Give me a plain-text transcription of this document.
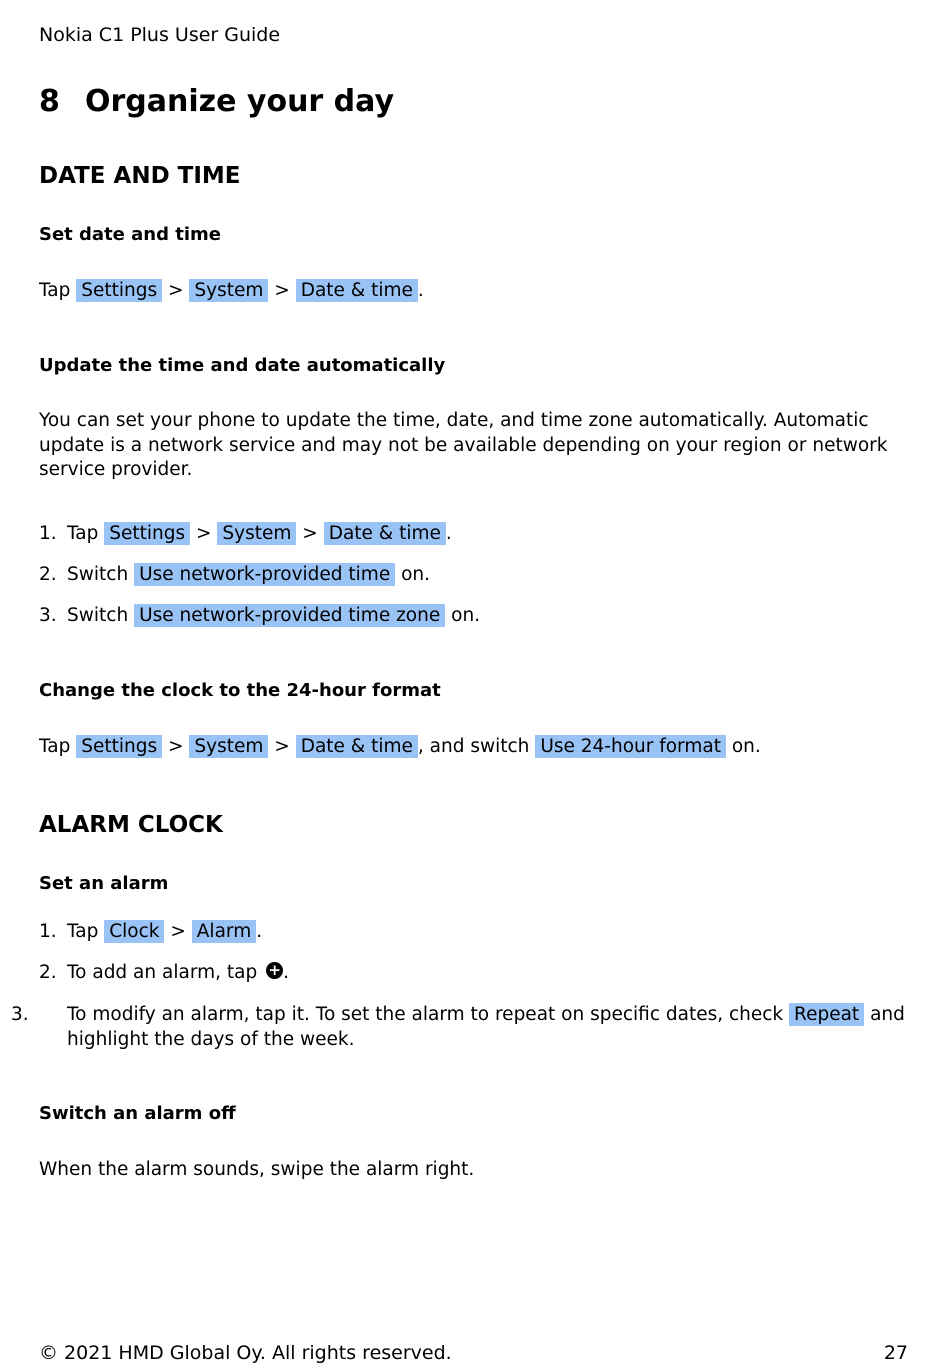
Nokia C1 Plus User Guide
8 Organize your day
DATE AND TIME
Set date and time
Tap Settings > System > Date & time .
Update the time and date automatically
You can set your phone to update the time, date, and time zone automatically. Automatic update is a network service and may not be available depending on your region or network service provider.
1. Tap Settings > System > Date & time .
2. Switch Use network-provided time on.
3. Switch Use network-provided time zone on.
Change the clock to the 24-hour format
Tap Settings > System > Date & time , and switch Use 24-hour format on.
ALARM CLOCK
Set an alarm
1. Tap Clock > Alarm .
2. To add an alarm, tap + .
3. To modify an alarm, tap it. To set the alarm to repeat on specific dates, check Repeat and highlight the days of the week.
Switch an alarm off
When the alarm sounds, swipe the alarm right.
© 2021 HMD Global Oy. All rights reserved.	27
